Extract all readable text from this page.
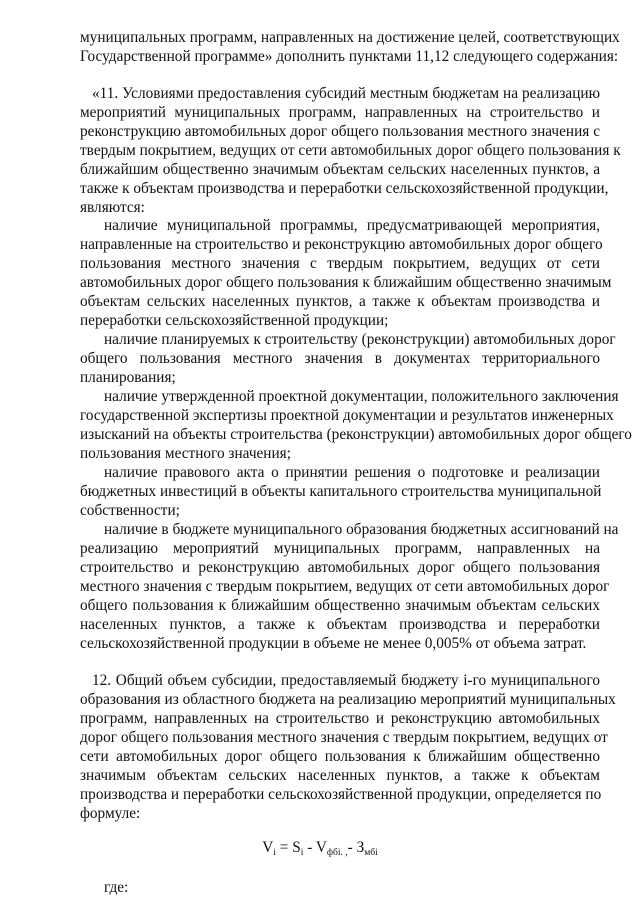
муниципальных программ, направленных на достижение целей, соответствующих
Государственной программе» дополнить пунктами 11,12 следующего содержания:
«11. Условиями предоставления субсидий местным бюджетам на реализацию
мероприятий муниципальных программ, направленных на строительство и
реконструкцию автомобильных дорог общего пользования местного значения с
твердым покрытием, ведущих от сети автомобильных дорог общего пользования к
ближайшим общественно значимым объектам сельских населенных пунктов, а
также к объектам производства и переработки сельскохозяйственной продукции,
являются:
наличие муниципальной программы, предусматривающей мероприятия,
направленные на строительство и реконструкцию автомобильных дорог общего
пользования местного значения с твердым покрытием, ведущих от сети
автомобильных дорог общего пользования к ближайшим общественно значимым
объектам сельских населенных пунктов, а также к объектам производства и
переработки сельскохозяйственной продукции;
наличие планируемых к строительству (реконструкции) автомобильных дорог
общего пользования местного значения в документах территориального
планирования;
наличие утвержденной проектной документации, положительного заключения
государственной экспертизы проектной документации и результатов инженерных
изысканий на объекты строительства (реконструкции) автомобильных дорог общего
пользования местного значения;
наличие правового акта о принятии решения о подготовке и реализации
бюджетных инвестиций в объекты капитального строительства муниципальной
собственности;
наличие в бюджете муниципального образования бюджетных ассигнований на
реализацию мероприятий муниципальных программ, направленных на
строительство и реконструкцию автомобильных дорог общего пользования
местного значения с твердым покрытием, ведущих от сети автомобильных дорог
общего пользования к ближайшим общественно значимым объектам сельских
населенных пунктов, а также к объектам производства и переработки
сельскохозяйственной продукции в объеме не менее 0,005% от объема затрат.
12. Общий объем субсидии, предоставляемый бюджету i-го муниципального
образования из областного бюджета на реализацию мероприятий муниципальных
программ, направленных на строительство и реконструкцию автомобильных
дорог общего пользования местного значения с твердым покрытием, ведущих от
сети автомобильных дорог общего пользования к ближайшим общественно
значимым объектам сельских населенных пунктов, а также к объектам
производства и переработки сельскохозяйственной продукции, определяется по
формуле:
$V_i = S_i - V_{фбi. ,}-$ $З_{мбi}$
где:
